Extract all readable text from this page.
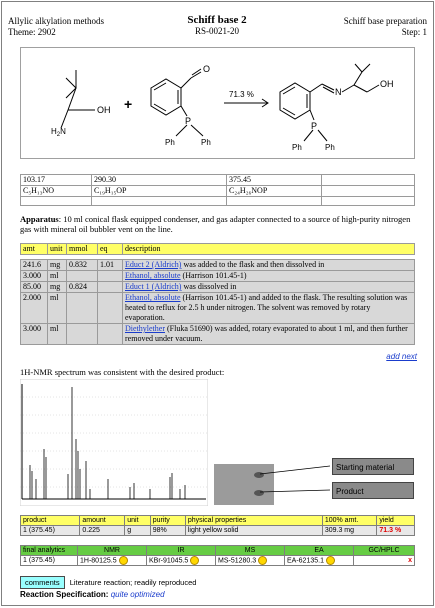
Allylic alkylation methods
Theme: 2902
Schiff base 2
RS-0021-20
Schiff base preparation
Step: 1
OH
$H_2N$
+
O
P
Ph	Ph
71.3 %	N
OH
P
Ph	Ph
103.17	290.30	375.45	
C₅H₁₃NO	C₁₉H₁₅OP	C₂₄H₂₆NOP	

Apparatus: 10 ml conical flask equipped condenser, and gas adapter connected to a source of high-purity nitrogen gas with mineral oil bubbler vent on the line.
amt	unit	mmol	eq	description

241.6	mg	0.832	1.01	Educt 2 (Aldrich) was added to the flask and then dissolved in
3.000	ml			Ethanol, absolute (Harrison 101.45-1)
85.00	mg	0.824		Educt 1 (Aldrich) was dissolved in
2.000	ml			Ethanol, absolute (Harrison 101.45-1) and added to the flask. The resulting solution was heated to reflux for 2.5 h under nitrogen. The solvent was removed by rotary evaporation.
3.000	ml			Diethylether (Fluka 51690) was added, rotary evaporated to about 1 ml, and then further removed under vacuum.
add next
1H-NMR spectrum was consistent with the desired product:
Starting material
Product
product	amount	unit	purity	physical properties	100% amt.	yield
1 (375.45)	0.225	g	98%	light yellow solid	309.3 mg	71.3 %
final analytics	NMR	IR	MS	EA	GC/HPLC
1 (375.45)	1H-80125.5	KBr-91045.5	MS-51280.3	EA-62135.1	x
comments Literature reaction; readily reproduced
Reaction Specification: quite optimized
